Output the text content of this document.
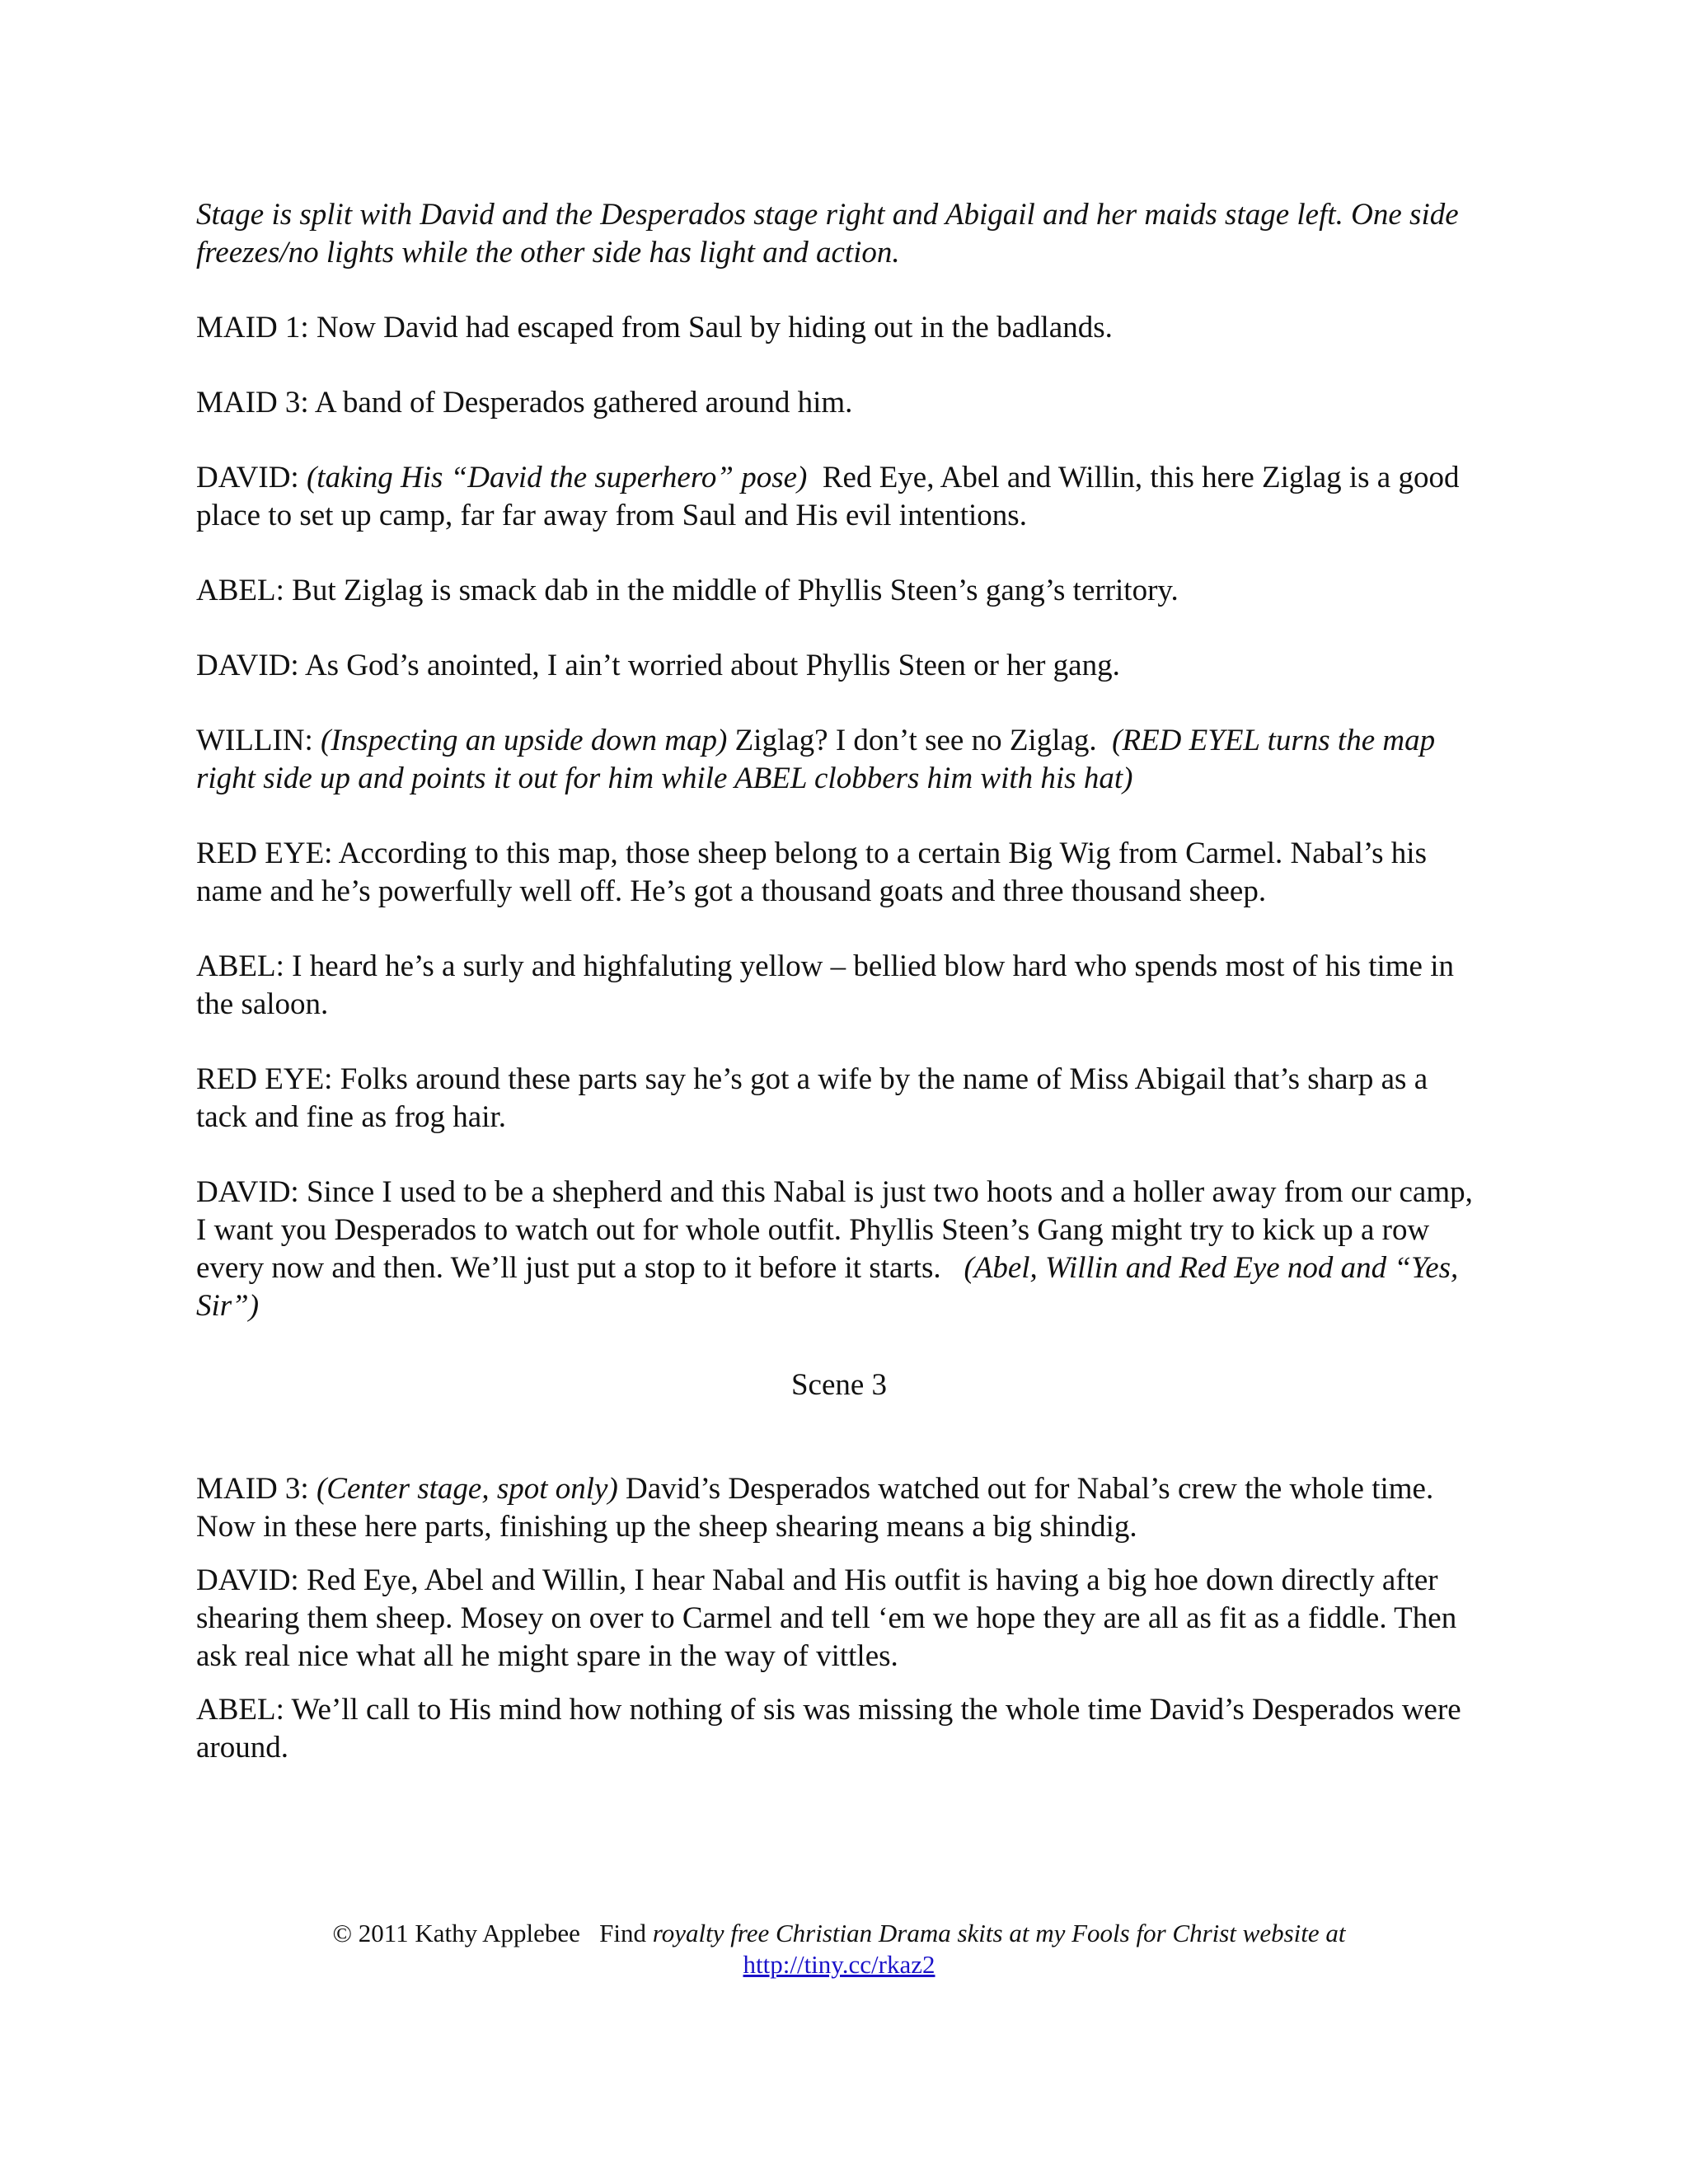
Stage is split with David and the Desperados stage right and Abigail and her maids stage left. One side freezes/no lights while the other side has light and action.

MAID 1: Now David had escaped from Saul by hiding out in the badlands.

MAID 3: A band of Desperados gathered around him.

DAVID: (taking His “David the superhero” pose) Red Eye, Abel and Willin, this here Ziglag is a good place to set up camp, far far away from Saul and His evil intentions.

ABEL: But Ziglag is smack dab in the middle of Phyllis Steen’s gang’s territory.

DAVID: As God’s anointed, I ain’t worried about Phyllis Steen or her gang.

WILLIN: (Inspecting an upside down map) Ziglag? I don’t see no Ziglag. (RED EYEL turns the map right side up and points it out for him while ABEL clobbers him with his hat)

RED EYE: According to this map, those sheep belong to a certain Big Wig from Carmel. Nabal’s his name and he’s powerfully well off. He’s got a thousand goats and three thousand sheep.

ABEL: I heard he’s a surly and highfaluting yellow – bellied blow hard who spends most of his time in the saloon.

RED EYE: Folks around these parts say he’s got a wife by the name of Miss Abigail that’s sharp as a tack and fine as frog hair.

DAVID: Since I used to be a shepherd and this Nabal is just two hoots and a holler away from our camp, I want you Desperados to watch out for whole outfit. Phyllis Steen’s Gang might try to kick up a row every now and then. We’ll just put a stop to it before it starts. (Abel, Willin and Red Eye nod and “Yes, Sir”)

Scene 3

MAID 3: (Center stage, spot only) David’s Desperados watched out for Nabal’s crew the whole time. Now in these here parts, finishing up the sheep shearing means a big shindig.

DAVID: Red Eye, Abel and Willin, I hear Nabal and His outfit is having a big hoe down directly after shearing them sheep. Mosey on over to Carmel and tell ‘em we hope they are all as fit as a fiddle. Then ask real nice what all he might spare in the way of vittles.

ABEL: We’ll call to His mind how nothing of sis was missing the whole time David’s Desperados were around.

© 2011 Kathy Applebee   Find royalty free Christian Drama skits at my Fools for Christ website at
http://tiny.cc/rkaz2
